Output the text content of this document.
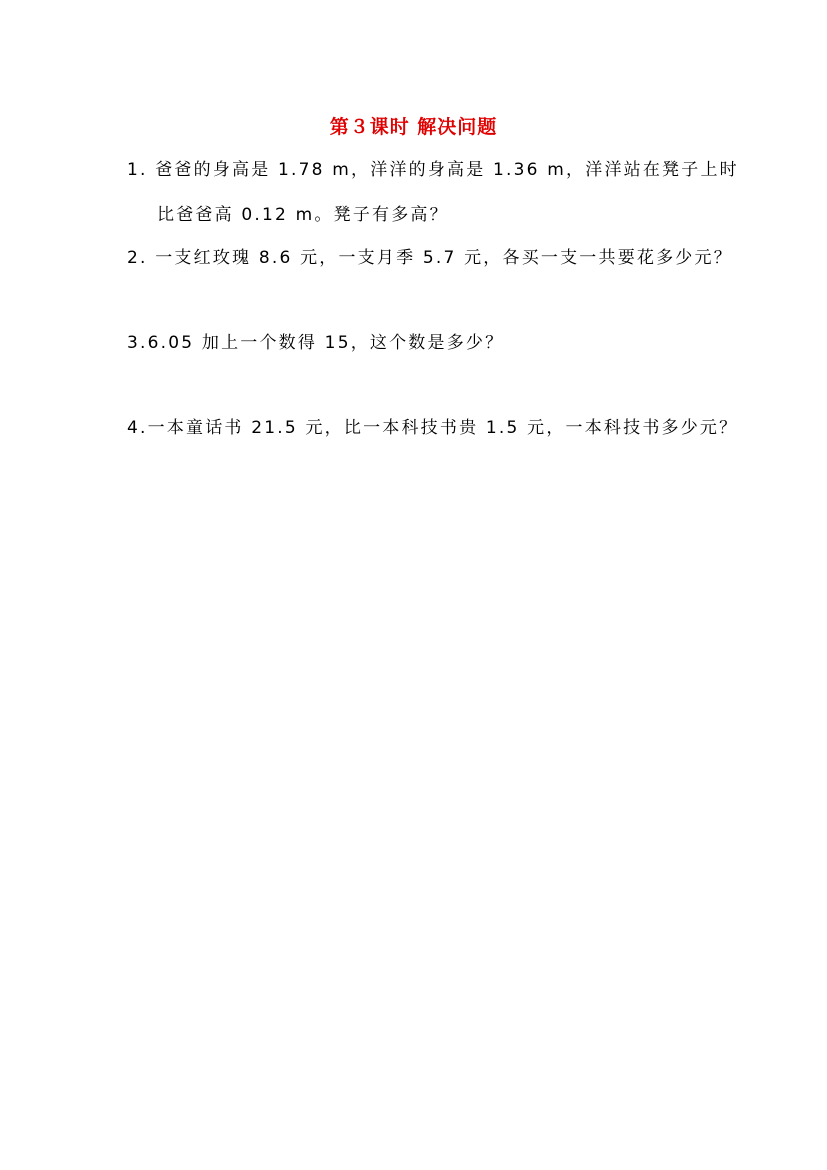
第３课时 解决问题
1. 爸爸的身高是 1.78 m，洋洋的身高是 1.36 m，洋洋站在凳子上时
比爸爸高 0.12 m。凳子有多高？
2. 一支红玫瑰 8.6 元，一支月季 5.7 元，各买一支一共要花多少元？
3.6.05 加上一个数得 15，这个数是多少？
4.一本童话书 21.5 元，比一本科技书贵 1.5 元，一本科技书多少元？
